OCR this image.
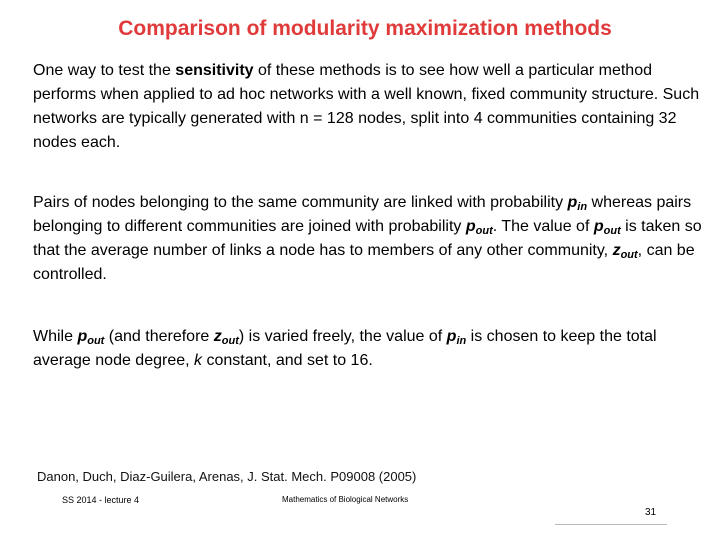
Comparison of modularity maximization methods
One way to test the sensitivity of these methods is to see how well a particular method performs when applied to ad hoc networks with a well known, fixed community structure. Such networks are typically generated with n = 128 nodes, split into 4 communities containing 32 nodes each.
Pairs of nodes belonging to the same community are linked with probability $p_{in}$ whereas pairs belonging to different communities are joined with probability $p_{out}$. The value of $p_{out}$ is taken so that the average number of links a node has to members of any other community, $z_{out}$, can be controlled.
While $p_{out}$ (and therefore $z_{out}$) is varied freely, the value of $p_{in}$ is chosen to keep the total average node degree, k constant, and set to 16.
Danon, Duch, Diaz-Guilera, Arenas, J. Stat. Mech. P09008 (2005)
SS 2014 - lecture 4	Mathematics of Biological Networks
31
